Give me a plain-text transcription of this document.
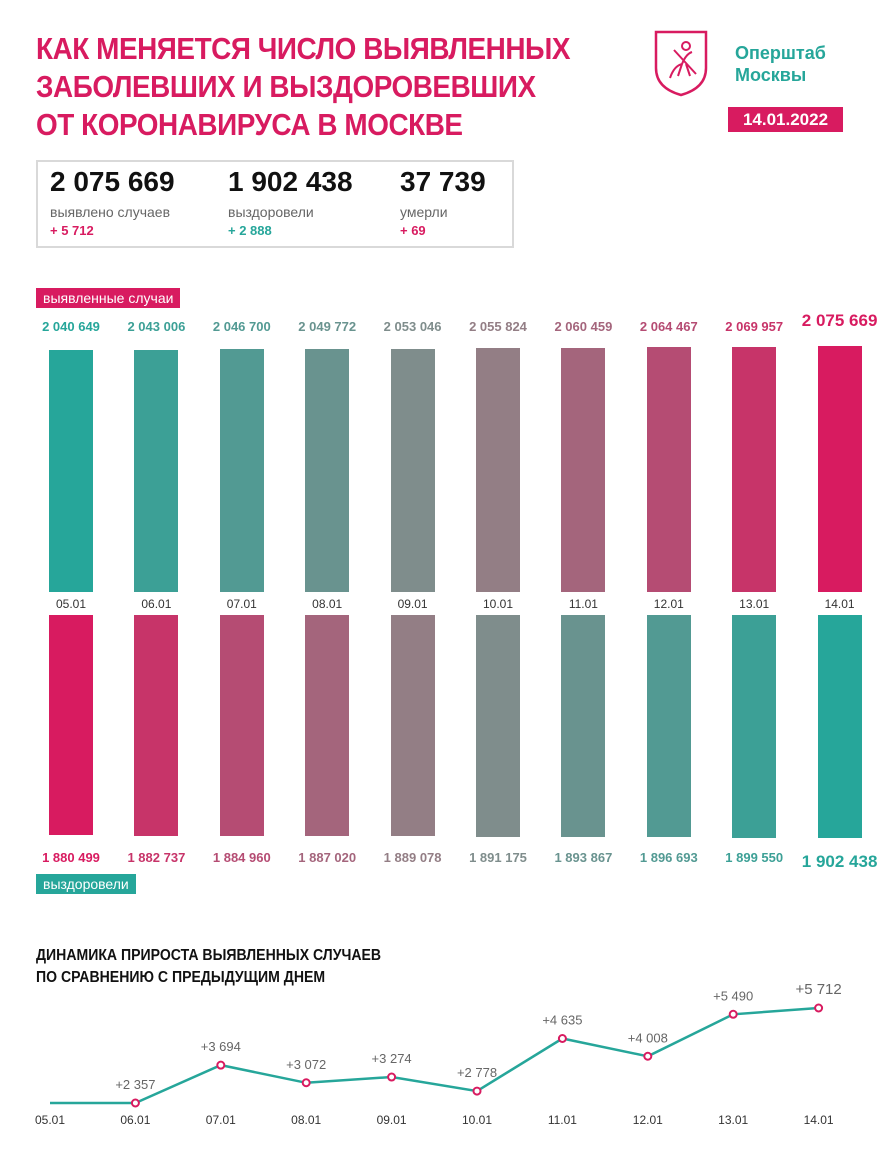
КАК МЕНЯЕТСЯ ЧИСЛО ВЫЯВЛЕННЫХ
ЗАБОЛЕВШИХ И ВЫЗДОРОВЕВШИХ
ОТ КОРОНАВИРУСА В МОСКВЕ
Оперштаб
Москвы
14.01.2022
2 075 669
выявлено случаев
+ 5 712
1 902 438
выздоровели
+ 2 888
37 739
умерли
+ 69
выявленные случаи
выздоровели
2 040 649
05.01
2 043 006
06.01
2 046 700
07.01
2 049 772
08.01
2 053 046
09.01
2 055 824
10.01
2 060 459
11.01
2 064 467
12.01
2 069 957
13.01
2 075 669
14.01
1 880 499	1 882 737	1 884 960	1 887 020	1 889 078	1 891 175	1 893 867	1 896 693	1 899 550	1 902 438
ДИНАМИКА ПРИРОСТА ВЫЯВЛЕННЫХ СЛУЧАЕВ
ПО СРАВНЕНИЮ С ПРЕДЫДУЩИМ ДНЕМ
05.01
+2 357
06.01
+3 694
07.01
+3 072
08.01
+3 274
09.01
+2 778
10.01
+4 635
11.01
+4 008
12.01
+5 490
13.01
+5 712
14.01
